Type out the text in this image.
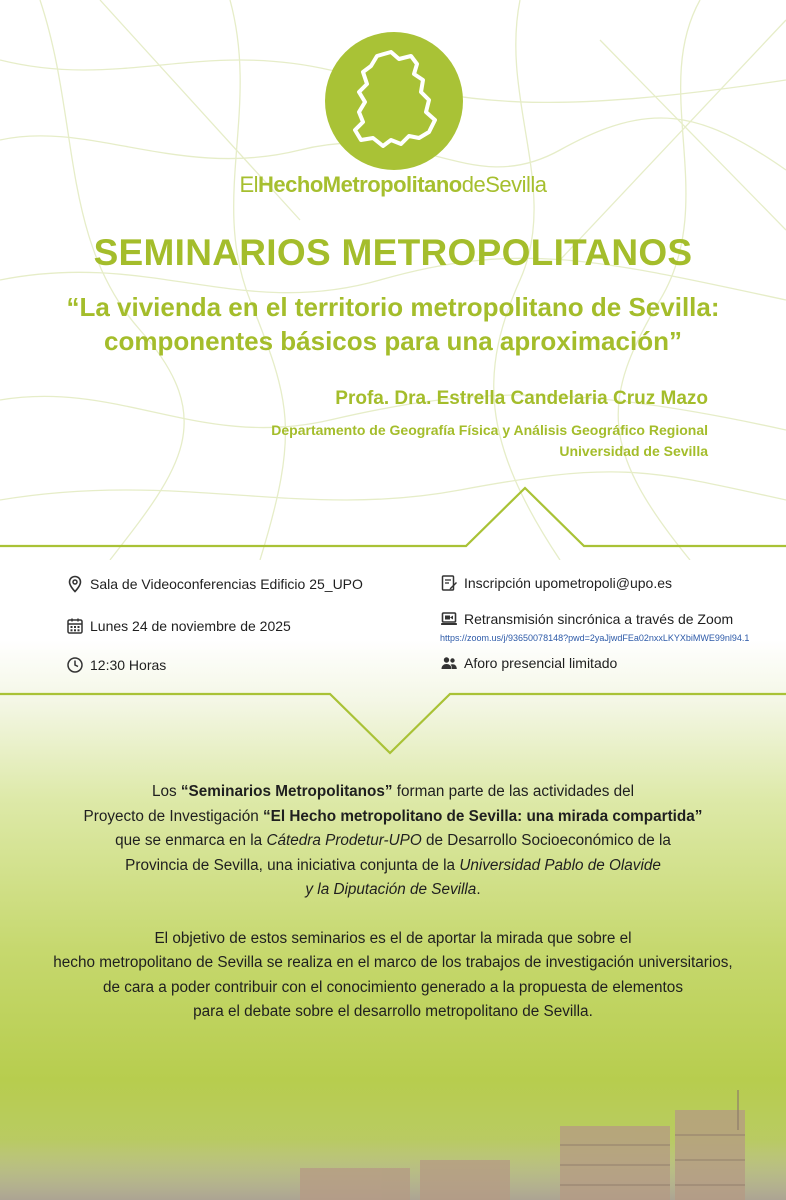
ElHechoMetropolitanodeSevilla
SEMINARIOS METROPOLITANOS
“La vivienda en el territorio metropolitano de Sevilla:
componentes básicos para una aproximación”
Profa. Dra. Estrella Candelaria Cruz Mazo
Departamento de Geografía Física y Análisis Geográfico Regional
Universidad de Sevilla
Sala de Videoconferencias Edificio 25_UPO
Lunes 24 de noviembre de 2025
12:30 Horas
Inscripción upometropoli@upo.es
Retransmisión sincrónica a través de Zoom
https://zoom.us/j/93650078148?pwd=2yaJjwdFEa02nxxLKYXbiMWE99nl94.1
Aforo presencial limitado

Los “Seminarios Metropolitanos” forman parte de las actividades del
Proyecto de Investigación “El Hecho metropolitano de Sevilla: una mirada compartida”
que se enmarca en la Cátedra Prodetur-UPO de Desarrollo Socioeconómico de la
Provincia de Sevilla, una iniciativa conjunta de la Universidad Pablo de Olavide
y la Diputación de Sevilla.

El objetivo de estos seminarios es el de aportar la mirada que sobre el
hecho metropolitano de Sevilla se realiza en el marco de los trabajos de investigación universitarios,
de cara a poder contribuir con el conocimiento generado a la propuesta de elementos
para el debate sobre el desarrollo metropolitano de Sevilla.
